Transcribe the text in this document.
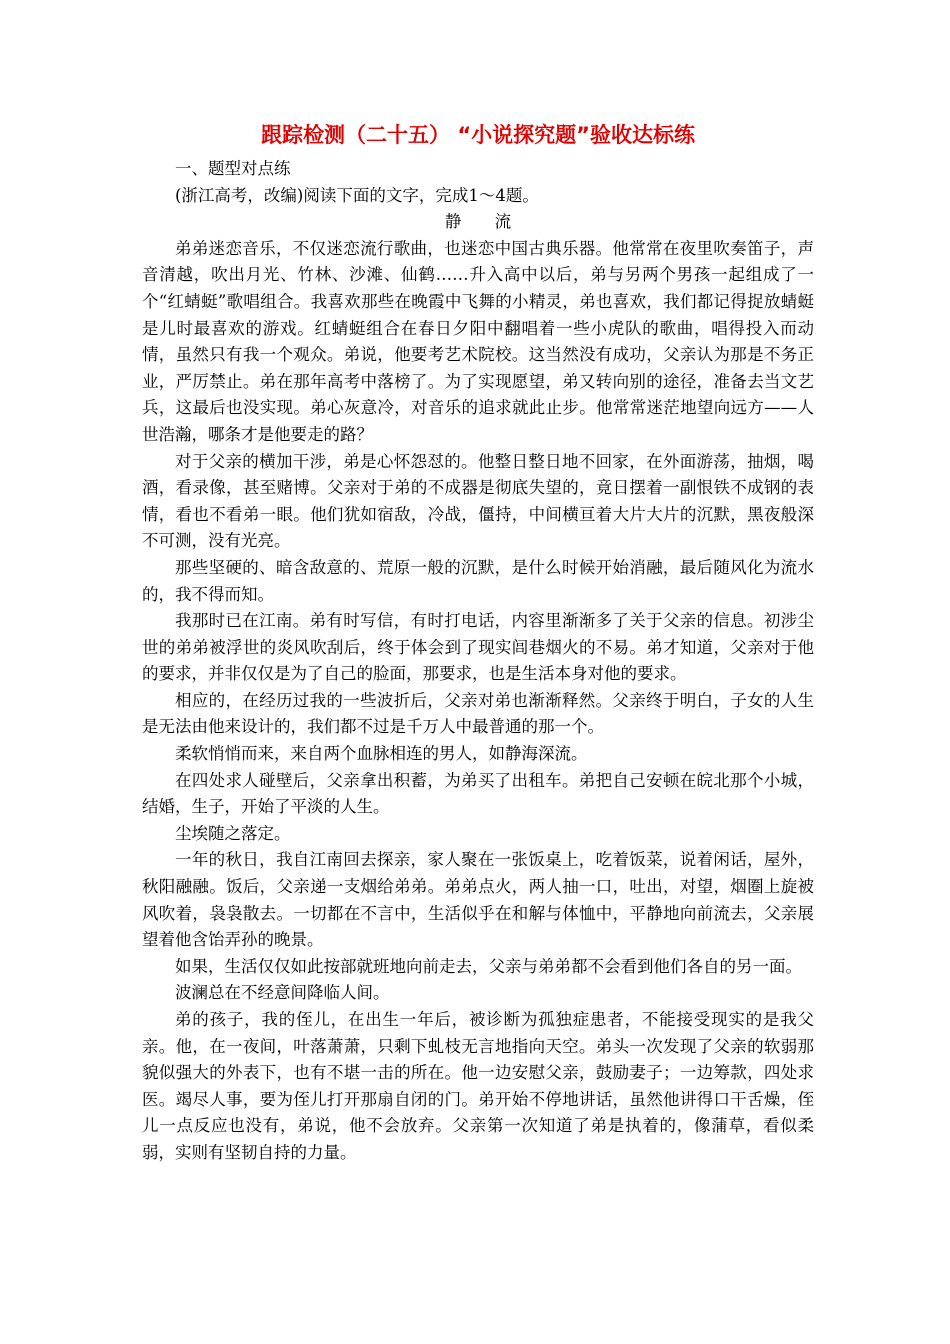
跟踪检测（二十五） “小说探究题”验收达标练
一、题型对点练
(浙江高考，改编)阅读下面的文字，完成1～4题。
静 流

弟弟迷恋音乐，不仅迷恋流行歌曲，也迷恋中国古典乐器。他常常在夜里吹奏笛子，声音清越，吹出月光、竹林、沙滩、仙鹤……升入高中以后，弟与另两个男孩一起组成了一个“红蜻蜓”歌唱组合。我喜欢那些在晚霞中飞舞的小精灵，弟也喜欢，我们都记得捉放蜻蜓是儿时最喜欢的游戏。红蜻蜓组合在春日夕阳中翻唱着一些小虎队的歌曲，唱得投入而动情，虽然只有我一个观众。弟说，他要考艺术院校。这当然没有成功，父亲认为那是不务正业，严厉禁止。弟在那年高考中落榜了。为了实现愿望，弟又转向别的途径，准备去当文艺兵，这最后也没实现。弟心灰意冷，对音乐的追求就此止步。他常常迷茫地望向远方——人世浩瀚，哪条才是他要走的路？

对于父亲的横加干涉，弟是心怀怨怼的。他整日整日地不回家，在外面游荡，抽烟，喝酒，看录像，甚至赌博。父亲对于弟的不成器是彻底失望的，竟日摆着一副恨铁不成钢的表情，看也不看弟一眼。他们犹如宿敌，冷战，僵持，中间横亘着大片大片的沉默，黑夜般深不可测，没有光亮。

那些坚硬的、暗含敌意的、荒原一般的沉默，是什么时候开始消融，最后随风化为流水的，我不得而知。

我那时已在江南。弟有时写信，有时打电话，内容里渐渐多了关于父亲的信息。初涉尘世的弟弟被浮世的炎风吹刮后，终于体会到了现实闾巷烟火的不易。弟才知道，父亲对于他的要求，并非仅仅是为了自己的脸面，那要求，也是生活本身对他的要求。

相应的，在经历过我的一些波折后，父亲对弟也渐渐释然。父亲终于明白，子女的人生是无法由他来设计的，我们都不过是千万人中最普通的那一个。

柔软悄悄而来，来自两个血脉相连的男人，如静海深流。

在四处求人碰壁后，父亲拿出积蓄，为弟买了出租车。弟把自己安顿在皖北那个小城，结婚，生子，开始了平淡的人生。

尘埃随之落定。

一年的秋日，我自江南回去探亲，家人聚在一张饭桌上，吃着饭菜，说着闲话，屋外，秋阳融融。饭后，父亲递一支烟给弟弟。弟弟点火，两人抽一口，吐出，对望，烟圈上旋被风吹着，袅袅散去。一切都在不言中，生活似乎在和解与体恤中，平静地向前流去，父亲展望着他含饴弄孙的晚景。

如果，生活仅仅如此按部就班地向前走去，父亲与弟弟都不会看到他们各自的另一面。

波澜总在不经意间降临人间。

弟的孩子，我的侄儿，在出生一年后，被诊断为孤独症患者，不能接受现实的是我父亲。他，在一夜间，叶落萧萧，只剩下虬枝无言地指向天空。弟头一次发现了父亲的软弱那貌似强大的外表下，也有不堪一击的所在。他一边安慰父亲，鼓励妻子；一边筹款，四处求医。竭尽人事，要为侄儿打开那扇自闭的门。弟开始不停地讲话，虽然他讲得口干舌燥，侄儿一点反应也没有，弟说，他不会放弃。父亲第一次知道了弟是执着的，像蒲草，看似柔弱，实则有坚韧自持的力量。
